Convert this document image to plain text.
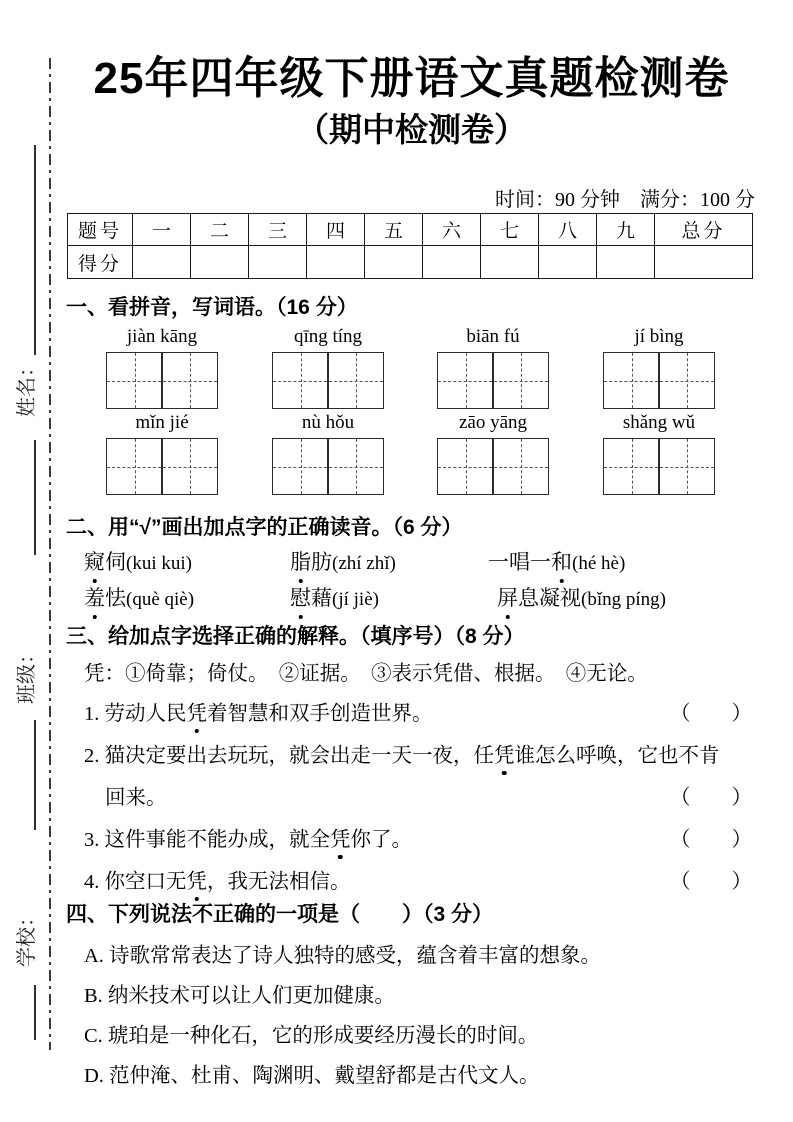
姓名：
班级：
学校：
25年四年级下册语文真题检测卷
（期中检测卷）
时间：90 分钟　满分：100 分
题号	一	二	三	四	五	六	七	八	九	总分
得分										
一、看拼音，写词语。（16 分）
jiàn kāng	qīng tíng	biān fú	jí bìng
mǐn jié	nù hǒu	zāo yāng	shǎng wǔ
二、用“√”画出加点字的正确读音。（6 分）
窥伺(kui kui)	脂肪(zhí zhǐ)	一唱一和(hé hè)
羞怯(què qiè)	慰藉(jí jiè)	屏息凝视(bǐng píng)
三、给加点字选择正确的解释。（填序号）（8 分）
凭：①倚靠；倚仗。　②证据。　③表示凭借、根据。　④无论。
1. 劳动人民凭着智慧和双手创造世界。	（　　）
2. 猫决定要出去玩玩，就会出走一天一夜，任凭谁怎么呼唤，它也不肯
回来。	（　　）
3. 这件事能不能办成，就全凭你了。	（　　）
4. 你空口无凭，我无法相信。	（　　）
四、下列说法不正确的一项是（　　）（3 分）
A. 诗歌常常表达了诗人独特的感受，蕴含着丰富的想象。
B. 纳米技术可以让人们更加健康。
C. 琥珀是一种化石，它的形成要经历漫长的时间。
D. 范仲淹、杜甫、陶渊明、戴望舒都是古代文人。
